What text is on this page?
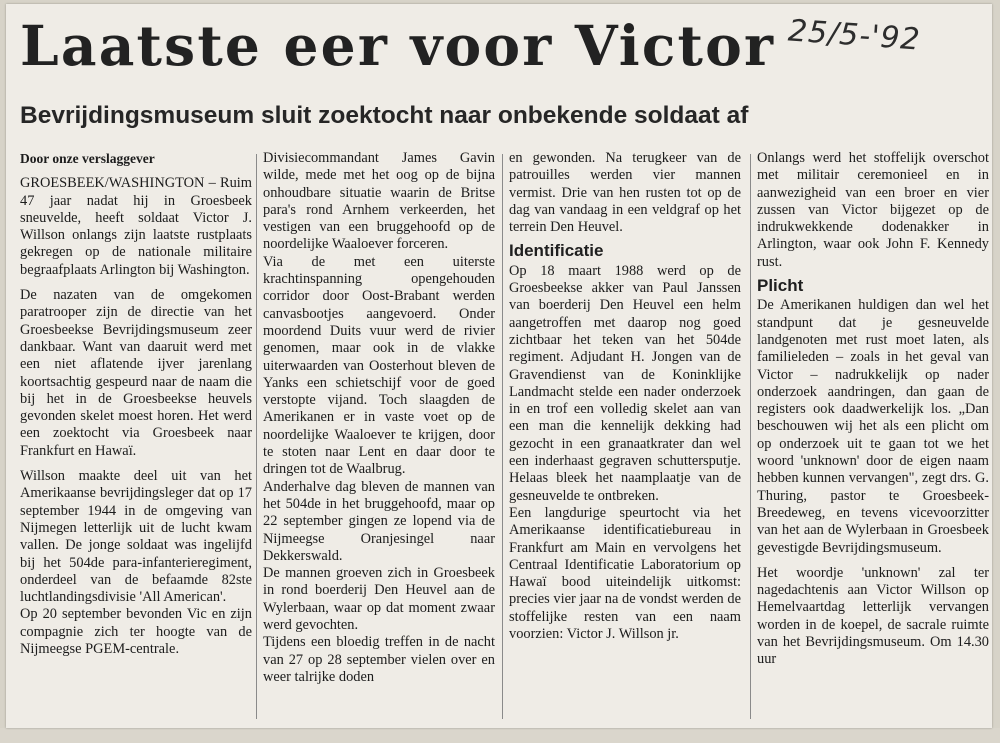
Laatste eer voor Victor 25/5-'92
Bevrijdingsmuseum sluit zoektocht naar onbekende soldaat af

Door onze verslaggever

GROESBEEK/WASHINGTON – Ruim 47 jaar nadat hij in Groesbeek sneuvelde, heeft soldaat Victor J. Willson onlangs zijn laatste rustplaats gekregen op de nationale militaire begraafplaats Arlington bij Washington.

De nazaten van de omgekomen paratrooper zijn de directie van het Groesbeekse Bevrijdingsmuseum zeer dankbaar. Want van daaruit werd met een niet aflatende ijver jarenlang koortsachtig gespeurd naar de naam die bij het in de Groesbeekse heuvels gevonden skelet moest horen. Het werd een zoektocht via Groesbeek naar Frankfurt en Hawaï.

Willson maakte deel uit van het Amerikaanse bevrijdingsleger dat op 17 september 1944 in de omgeving van Nijmegen letterlijk uit de lucht kwam vallen. De jonge soldaat was ingelijfd bij het 504de para-infanterieregiment, onderdeel van de befaamde 82ste luchtlandingsdivisie 'All American'.

Op 20 september bevonden Vic en zijn compagnie zich ter hoogte van de Nijmeegse PGEM-centrale.

Divisiecommandant James Gavin wilde, mede met het oog op de bijna onhoudbare situatie waarin de Britse para's rond Arnhem verkeerden, het vestigen van een bruggehoofd op de noordelijke Waaloever forceren.

Via de met een uiterste krachtinspanning opengehouden corridor door Oost-Brabant werden canvasbootjes aangevoerd. Onder moordend Duits vuur werd de rivier genomen, maar ook in de vlakke uiterwaarden van Oosterhout bleven de Yanks een schietschijf voor de goed verstopte vijand. Toch slaagden de Amerikanen er in vaste voet op de noordelijke Waaloever te krijgen, door te stoten naar Lent en daar door te dringen tot de Waalbrug.

Anderhalve dag bleven de mannen van het 504de in het bruggehoofd, maar op 22 september gingen ze lopend via de Nijmeegse Oranjesingel naar Dekkerswald.

De mannen groeven zich in Groesbeek in rond boerderij Den Heuvel aan de Wylerbaan, waar op dat moment zwaar werd gevochten.

Tijdens een bloedig treffen in de nacht van 27 op 28 september vielen over en weer talrijke doden

en gewonden. Na terugkeer van de patrouilles werden vier mannen vermist. Drie van hen rusten tot op de dag van vandaag in een veldgraf op het terrein Den Heuvel.

Identificatie

Op 18 maart 1988 werd op de Groesbeekse akker van Paul Janssen van boerderij Den Heuvel een helm aangetroffen met daarop nog goed zichtbaar het teken van het 504de regiment. Adjudant H. Jongen van de Gravendienst van de Koninklijke Landmacht stelde een nader onderzoek in en trof een volledig skelet aan van een man die kennelijk dekking had gezocht in een granaatkrater dan wel een inderhaast gegraven schuttersputje. Helaas bleek het naamplaatje van de gesneuvelde te ontbreken.

Een langdurige speurtocht via het Amerikaanse identificatiebureau in Frankfurt am Main en vervolgens het Centraal Identificatie Laboratorium op Hawaï bood uiteindelijk uitkomst: precies vier jaar na de vondst werden de stoffelijke resten van een naam voorzien: Victor J. Willson jr.

Onlangs werd het stoffelijk overschot met militair ceremonieel en in aanwezigheid van een broer en vier zussen van Victor bijgezet op de indrukwekkende dodenakker in Arlington, waar ook John F. Kennedy rust.

Plicht

De Amerikanen huldigen dan wel het standpunt dat je gesneuvelde landgenoten met rust moet laten, als familieleden – zoals in het geval van Victor – nadrukkelijk op nader onderzoek aandringen, dan gaan de registers ook daadwerkelijk los. „Dan beschouwen wij het als een plicht om op onderzoek uit te gaan tot we het woord 'unknown' door de eigen naam hebben kunnen vervangen", zegt drs. G. Thuring, pastor te Groesbeek-Breedeweg, en tevens vicevoorzitter van het aan de Wylerbaan in Groesbeek gevestigde Bevrijdingsmuseum.

Het woordje 'unknown' zal ter nagedachtenis aan Victor Willson op Hemelvaartdag letterlijk vervangen worden in de koepel, de sacrale ruimte van het Bevrijdingsmuseum. Om 14.30 uur
